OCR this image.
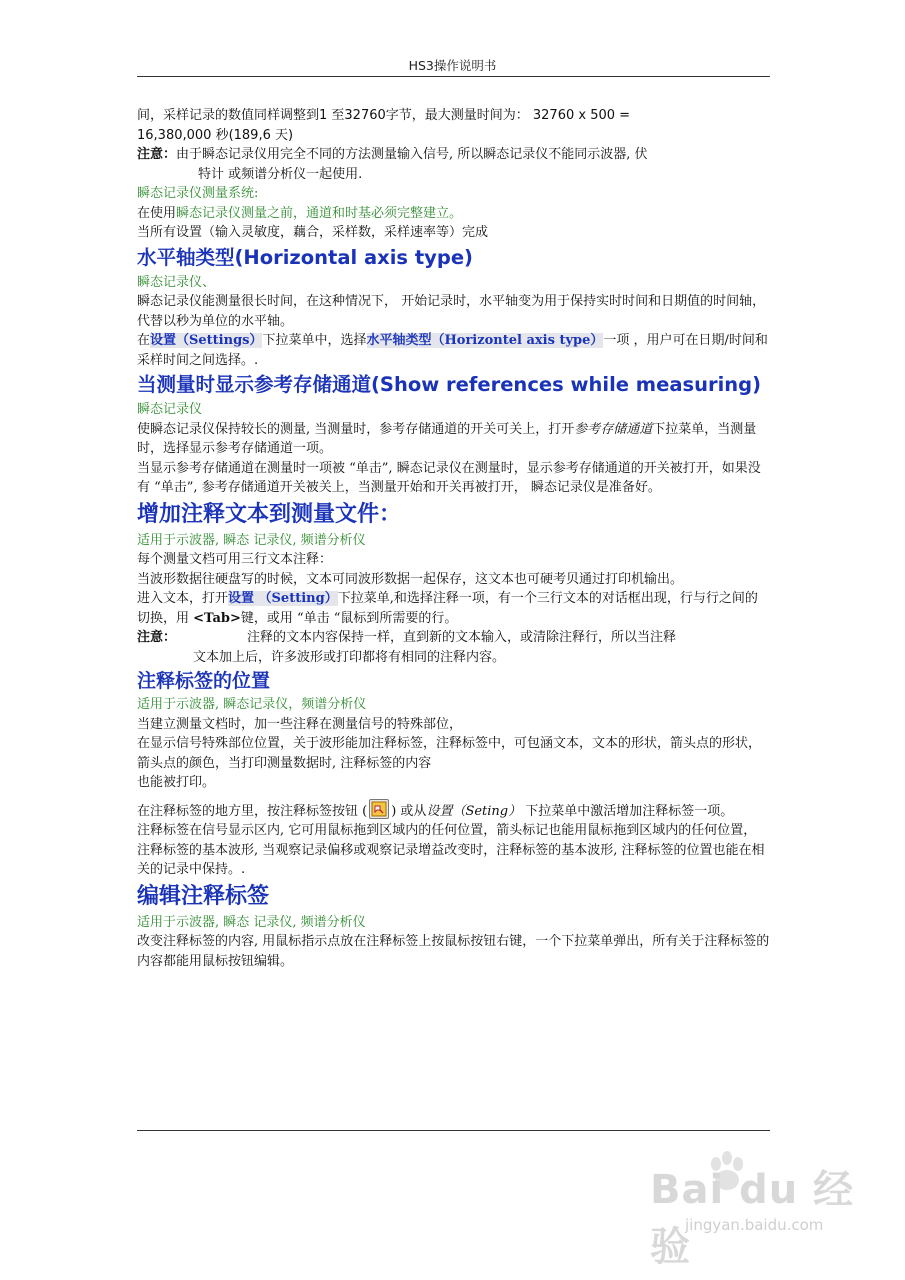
HS3操作说明书

间，采样记录的数值同样调整到1 至32760字节，最大测量时间为： 32760 x 500 =

16,380,000 秒(189,6 天)

注意： 由于瞬态记录仪用完全不同的方法测量输入信号, 所以瞬态记录仪不能同示波器, 伏
特计 或频谱分析仪一起使用.

瞬态记录仪测量系统:

在使用瞬态记录仪测量之前，通道和时基必须完整建立。

当所有设置（输入灵敏度，藕合，采样数，采样速率等）完成

水平轴类型(Horizontal axis type)

瞬态记录仪、

瞬态记录仪能测量很长时间，在这种情况下， 开始记录时，水平轴变为用于保持实时时间和日期值的时间轴，代替以秒为单位的水平轴。

在设置（Settings）下拉菜单中，选择水平轴类型（Horizontel axis type）一项 ，用户可在日期/时间和采样时间之间选择。.

当测量时显示参考存储通道(Show references while measuring)

瞬态记录仪

使瞬态记录仪保持较长的测量, 当测量时，参考存储通道的开关可关上，打开参考存储通道下拉菜单，当测量时，选择显示参考存储通道一项。

当显示参考存储通道在测量时一项被 “单击”, 瞬态记录仪在测量时，显示参考存储通道的开关被打开，如果没有 “单击”, 参考存储通道开关被关上，当测量开始和开关再被打开， 瞬态记录仪是准备好。

增加注释文本到测量文件：

适用于示波器, 瞬态 记录仪, 频谱分析仪

每个测量文档可用三行文本注释：

当波形数据往硬盘写的时候，文本可同波形数据一起保存，这文本也可硬考贝通过打印机输出。

进入文本，打开设置 （Setting）下拉菜单,和选择注释一项，有一个三行文本的对话框出现，行与行之间的切换，用 <Tab>键，或用 “单击 “鼠标到所需要的行。

注意：	注释的文本内容保持一样，直到新的文本输入，或清除注释行，所以当注释

文本加上后，许多波形或打印都将有相同的注释内容。

注释标签的位置

适用于示波器, 瞬态记录仪，频谱分析仪

当建立测量文档时，加一些注释在测量信号的特殊部位，

在显示信号特殊部位位置，关于波形能加注释标签，注释标签中，可包涵文本，文本的形状，箭头点的形状，箭头点的颜色，当打印测量数据时, 注释标签的内容

也能被打印。

在注释标签的地方里，按注释标签按钮 ( ) 或从设置（Seting） 下拉菜单中激活增加注释标签一项。

注释标签在信号显示区内, 它可用鼠标拖到区域内的任何位置，箭头标记也能用鼠标拖到区域内的任何位置， 注释标签的基本波形, 当观察记录偏移或观察记录增益改变时，注释标签的基本波形, 注释标签的位置也能在相关的记录中保持。.

编辑注释标签

适用于示波器, 瞬态 记录仪, 频谱分析仪

改变注释标签的内容, 用鼠标指示点放在注释标签上按鼠标按钮右键，一个下拉菜单弹出，所有关于注释标签的内容都能用鼠标按钮编辑。

Bai du 经验
jingyan.baidu.com
